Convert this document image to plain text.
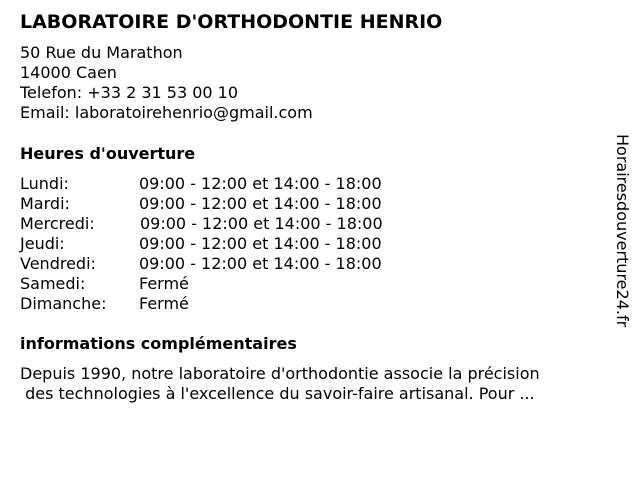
LABORATOIRE D'ORTHODONTIE HENRIO
50 Rue du Marathon
14000 Caen
Telefon: +33 2 31 53 00 10
Email: laboratoirehenrio@gmail.com
Heures d'ouverture
Lundi:	09:00 - 12:00 et 14:00 - 18:00
Mardi:	09:00 - 12:00 et 14:00 - 18:00
Mercredi:	09:00 - 12:00 et 14:00 - 18:00
Jeudi:	09:00 - 12:00 et 14:00 - 18:00
Vendredi:	09:00 - 12:00 et 14:00 - 18:00
Samedi:	Fermé
Dimanche: Fermé
informations complémentaires
Depuis 1990, notre laboratoire d'orthodontie associe la précision
des technologies à l'excellence du savoir-faire artisanal. Pour ...
Horairesdouverture24.fr
